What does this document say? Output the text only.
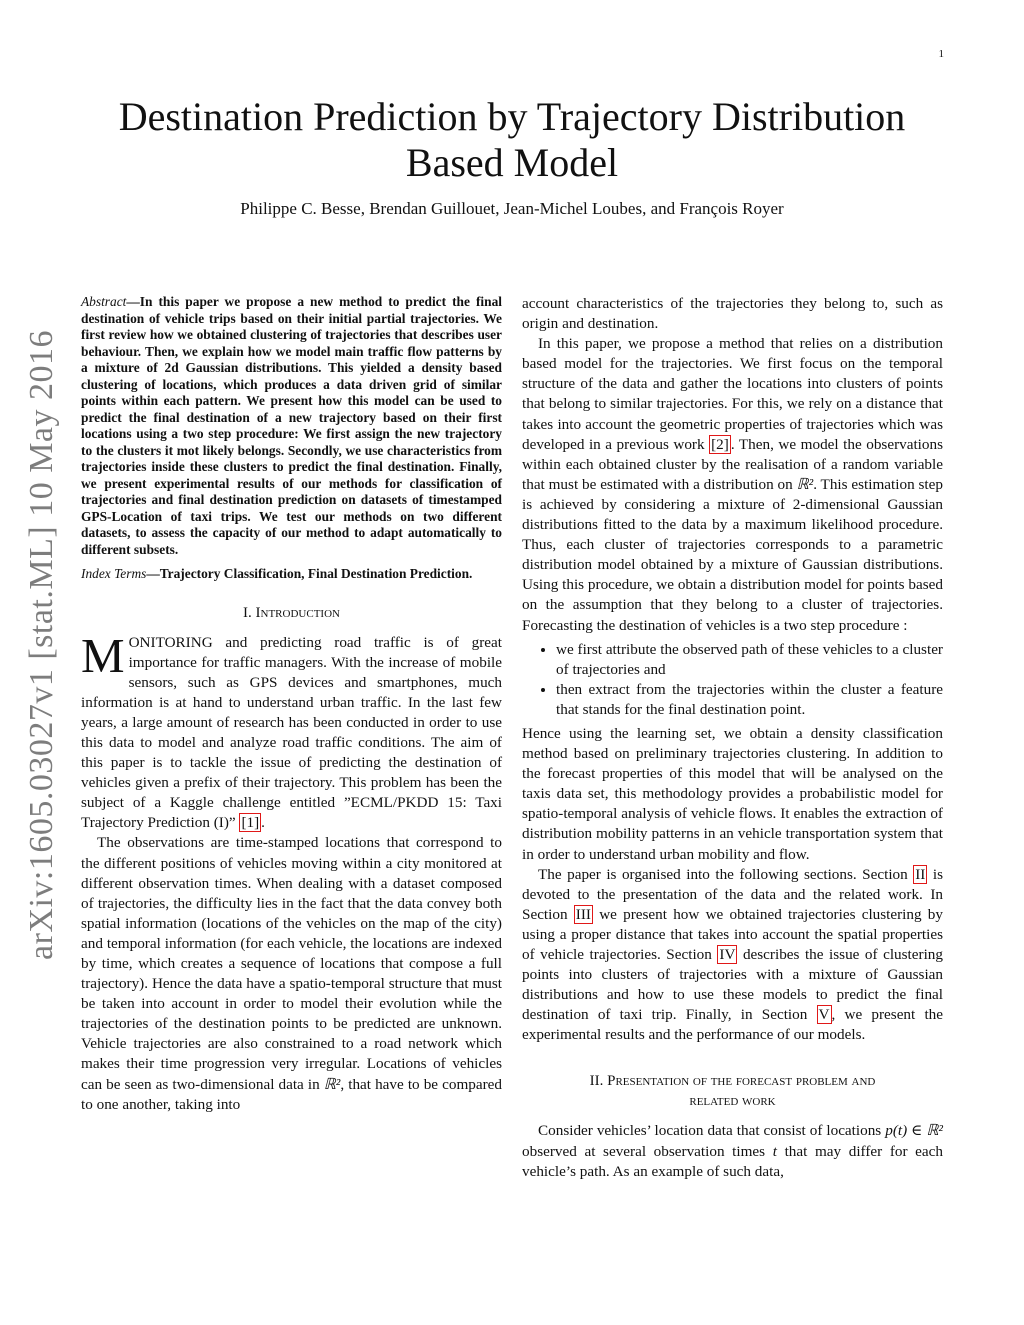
1
arXiv:1605.03027v1 [stat.ML] 10 May 2016
Destination Prediction by Trajectory Distribution Based Model
Philippe C. Besse, Brendan Guillouet, Jean-Michel Loubes, and François Royer

Abstract—In this paper we propose a new method to predict the final destination of vehicle trips based on their initial partial trajectories. We first review how we obtained clustering of trajectories that describes user behaviour. Then, we explain how we model main traffic flow patterns by a mixture of 2d Gaussian distributions. This yielded a density based clustering of locations, which produces a data driven grid of similar points within each pattern. We present how this model can be used to predict the final destination of a new trajectory based on their first locations using a two step procedure: We first assign the new trajectory to the clusters it mot likely belongs. Secondly, we use characteristics from trajectories inside these clusters to predict the final destination. Finally, we present experimental results of our methods for classification of trajectories and final destination prediction on datasets of timestamped GPS-Location of taxi trips. We test our methods on two different datasets, to assess the capacity of our method to adapt automatically to different subsets.

Index Terms—Trajectory Classification, Final Destination Prediction.

I. Introduction

MONITORING and predicting road traffic is of great importance for traffic managers. With the increase of mobile sensors, such as GPS devices and smartphones, much information is at hand to understand urban traffic. In the last few years, a large amount of research has been conducted in order to use this data to model and analyze road traffic conditions. The aim of this paper is to tackle the issue of predicting the destination of vehicles given a prefix of their trajectory. This problem has been the subject of a Kaggle challenge entitled ”ECML/PKDD 15: Taxi Trajectory Prediction (I)” [1] .

The observations are time-stamped locations that correspond to the different positions of vehicles moving within a city monitored at different observation times. When dealing with a dataset composed of trajectories, the difficulty lies in the fact that the data convey both spatial information (locations of the vehicles on the map of the city) and temporal information (for each vehicle, the locations are indexed by time, which creates a sequence of locations that compose a full trajectory). Hence the data have a spatio-temporal structure that must be taken into account in order to model their evolution while the trajectories of the destination points to be predicted are unknown. Vehicle trajectories are also constrained to a road network which makes their time progression very irregular. Locations of vehicles can be seen as two-dimensional data in ℝ², that have to be compared to one another, taking into

account characteristics of the trajectories they belong to, such as origin and destination.

In this paper, we propose a method that relies on a distribution based model for the trajectories. We first focus on the temporal structure of the data and gather the locations into clusters of points that belong to similar trajectories. For this, we rely on a distance that takes into account the geometric properties of trajectories which was developed in a previous work [2] . Then, we model the observations within each obtained cluster by the realisation of a random variable that must be estimated with a distribution on ℝ². This estimation step is achieved by considering a mixture of 2-dimensional Gaussian distributions fitted to the data by a maximum likelihood procedure. Thus, each cluster of trajectories corresponds to a parametric distribution model obtained by a mixture of Gaussian distributions. Using this procedure, we obtain a distribution model for points based on the assumption that they belong to a cluster of trajectories. Forecasting the destination of vehicles is a two step procedure :

• we first attribute the observed path of these vehicles to a cluster of trajectories and
• then extract from the trajectories within the cluster a feature that stands for the final destination point.

Hence using the learning set, we obtain a density classification method based on preliminary trajectories clustering. In addition to the forecast properties of this model that will be analysed on the taxis data set, this methodology provides a probabilistic model for spatio-temporal analysis of vehicle flows. It enables the extraction of distribution mobility patterns in an vehicle transportation system that in order to understand urban mobility and flow.

The paper is organised into the following sections. Section II is devoted to the presentation of the data and the related work. In Section III we present how we obtained trajectories clustering by using a proper distance that takes into account the spatial properties of vehicle trajectories. Section IV describes the issue of clustering points into clusters of trajectories with a mixture of Gaussian distributions and how to use these models to predict the final destination of taxi trip. Finally, in Section V , we present the experimental results and the performance of our models.

II. Presentation of the forecast problem and
related work

Consider vehicles’ location data that consist of locations p(t) ∈ ℝ² observed at several observation times t that may differ for each vehicle’s path. As an example of such data,
